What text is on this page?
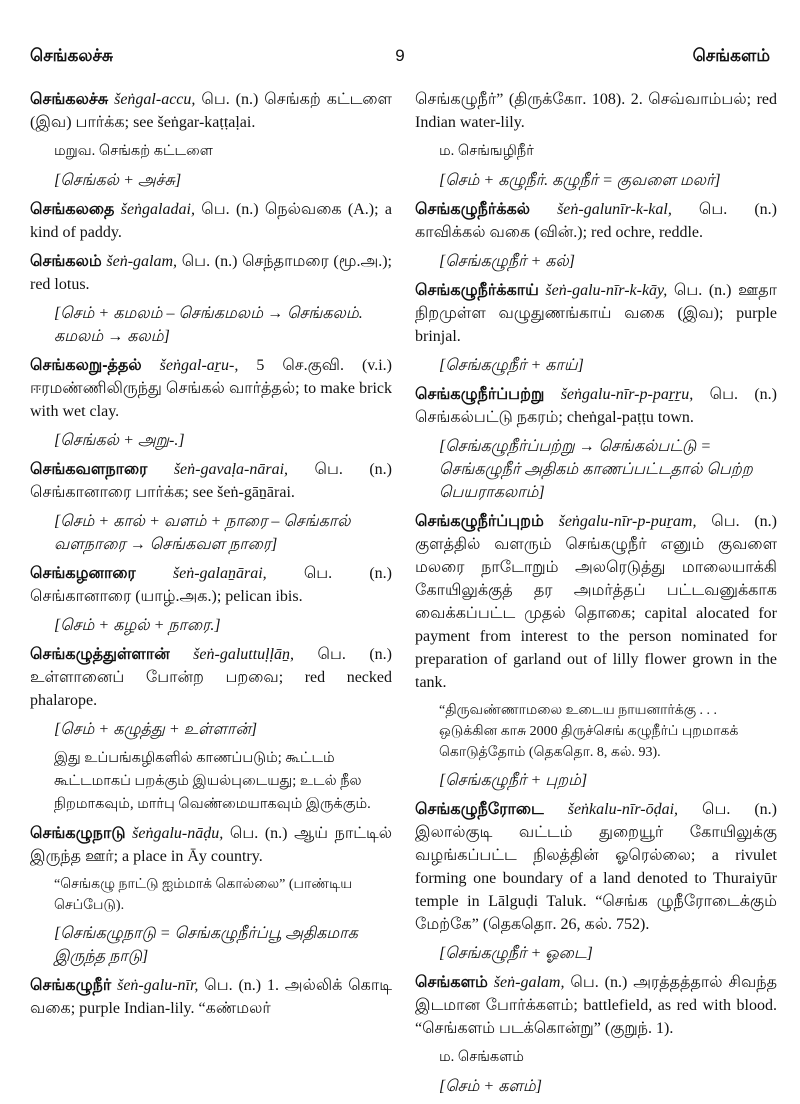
செங்கலச்சு	9	செங்களம்
செங்கலச்சு šeṅgal-accu, பெ. (n.) செங்கற் கட்டளை (இவ) பார்க்க; see šeṅgar-kaṭṭaḷai.
மறுவ. செங்கற் கட்டளை
[செங்கல் + அச்சு]
செங்கலதை šeṅgaladai, பெ. (n.) நெல்வகை (A.); a kind of paddy.
செங்கலம் šeṅ-galam, பெ. (n.) செந்தாமரை (மூ.அ.); red lotus.
[செம் + கமலம் – செங்கமலம் → செங்கலம். கமலம் → கலம்]
செங்கலறு-த்தல் šeṅgal-aṟu-, 5 செ.குவி. (v.i.) ஈரமண்ணிலிருந்து செங்கல் வார்த்தல்; to make brick with wet clay.
[செங்கல் + அறு-.]
செங்கவளநாரை šeṅ-gavaḷa-nārai, பெ. (n.) செங்கானாரை பார்க்க; see šeṅ-gāṉārai.
[செம் + கால் + வளம் + நாரை – செங்கால் வளநாரை → செங்கவள நாரை]
செங்கழனாரை šeṅ-galaṉārai, பெ. (n.) செங்கானாரை (யாழ்.அக.); pelican ibis.
[செம் + கழல் + நாரை.]
செங்கழுத்துள்ளான் šeṅ-galuttuḷḷāṉ, பெ. (n.) உள்ளானைப் போன்ற பறவை; red necked phalarope.
[செம் + கழுத்து + உள்ளான்]
இது உப்பங்கழிகளில் காணப்படும்; கூட்டம் கூட்டமாகப் பறக்கும் இயல்புடையது; உடல் நீல நிறமாகவும், மார்பு வெண்மையாகவும் இருக்கும்.
செங்கழுநாடு šeṅgalu-nāḍu, பெ. (n.) ஆய் நாட்டில் இருந்த ஊர்; a place in Āy country.
“செங்கழு நாட்டு ஐம்மாக் கொல்லை” (பாண்டிய செப்பேடு).
[செங்கழுநாடு = செங்கழுநீர்ப்பூ அதிகமாக இருந்த நாடு]
செங்கழுநீர் šeṅ-galu-nīr, பெ. (n.) 1. அல்லிக் கொடி வகை; purple Indian-lily. “கண்மலர்
செங்கழுநீர்” (திருக்கோ. 108). 2. செவ்வாம்பல்; red Indian water-lily.
ம. செங்ஙழிநீர்
[செம் + கழுநீர். கழுநீர் = குவளை மலர்]
செங்கழுநீர்க்கல் šeṅ-galunīr-k-kal, பெ. (n.) காவிக்கல் வகை (வின்.); red ochre, reddle.
[செங்கழுநீர் + கல்]
செங்கழுநீர்க்காய் šeṅ-galu-nīr-k-kāy, பெ. (n.) ஊதா நிறமுள்ள வழுதுணங்காய் வகை (இவ); purple brinjal.
[செங்கழுநீர் + காய்]
செங்கழுநீர்ப்பற்று šeṅgalu-nīr-p-paṟṟu, பெ. (n.) செங்கல்பட்டு நகரம்; cheṅgal-paṭṭu town.
[செங்கழுநீர்ப்பற்று → செங்கல்பட்டு = செங்கழுநீர் அதிகம் காணப்பட்டதால் பெற்ற பெயராகலாம்]
செங்கழுநீர்ப்புறம் šeṅgalu-nīr-p-puṟam, பெ. (n.) குளத்தில் வளரும் செங்கழுநீர் எனும் குவளை மலரை நாடோறும் அலரெடுத்து மாலையாக்கி கோயிலுக்குத் தர அமர்த்தப் பட்டவனுக்காக வைக்கப்பட்ட முதல் தொகை; capital alocated for payment from interest to the person nominated for preparation of garland out of lilly flower grown in the tank.
“திருவண்ணாமலை உடைய நாயனார்க்கு . . . ஒடுக்கின காசு 2000 திருச்செங் கழுநீர்ப் புறமாகக் கொடுத்தோம் (தெகதொ. 8, கல். 93).
[செங்கழுநீர் + புறம்]
செங்கழுநீரோடை šeṅkalu-nīr-ōḍai, பெ. (n.) இலால்குடி வட்டம் துறையூர் கோயிலுக்கு வழங்கப்பட்ட நிலத்தின் ஓரெல்லை; a rivulet forming one boundary of a land denoted to Thuraiyūr temple in Lālguḍi Taluk. “செங்க ழுநீரோடைக்கும் மேற்கே” (தெகதொ. 26, கல். 752).
[செங்கழுநீர் + ஓடை]
செங்களம் šeṅ-galam, பெ. (n.) அரத்தத்தால் சிவந்த இடமான போர்க்களம்; battlefield, as red with blood. “செங்களம் படக்கொன்று” (குறுந். 1).
ம. செங்களம்
[செம் + களம்]
